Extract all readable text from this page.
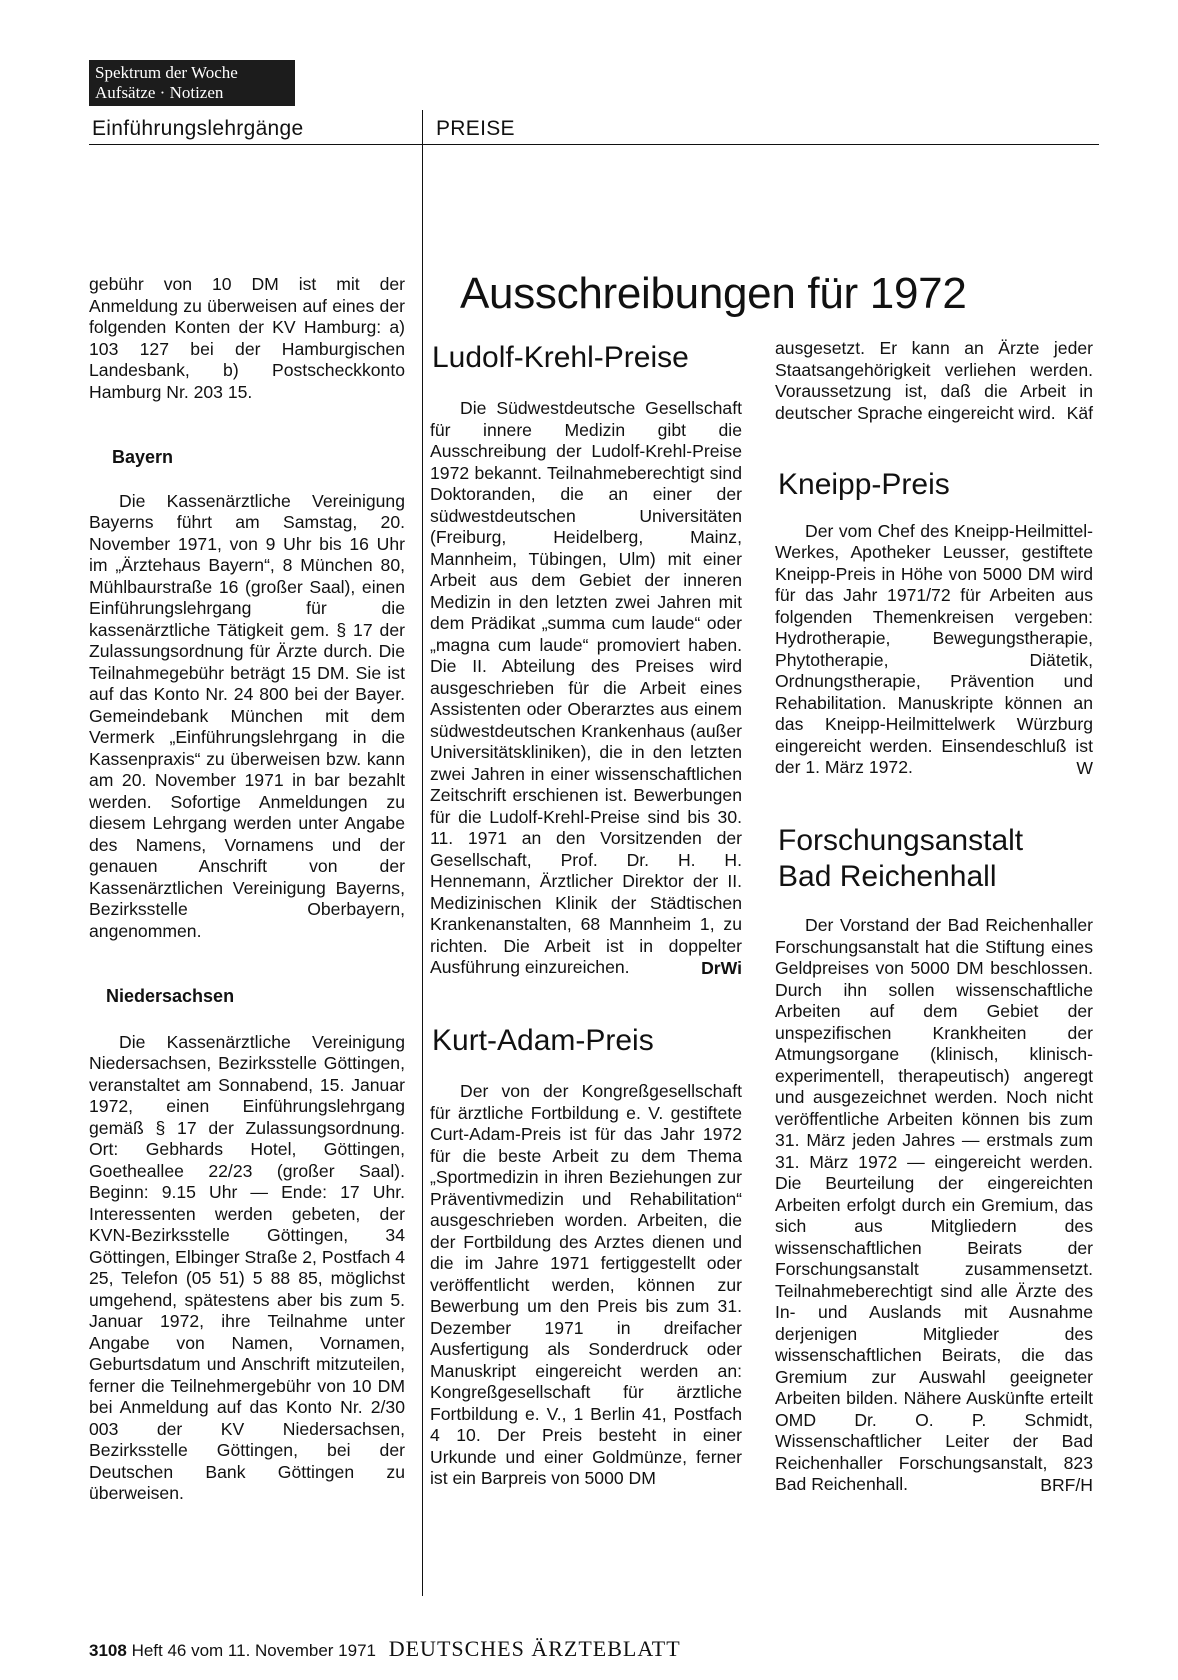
Spektrum der Woche
Aufsätze · Notizen
Einführungslehrgänge	PREISE
Ausschreibungen für 1972

gebühr von 10 DM ist mit der Anmeldung zu überweisen auf eines der folgenden Konten der KV Hamburg: a) 103 127 bei der Hamburgischen Landesbank, b) Postscheckkonto Hamburg Nr. 203 15.

Bayern

Die Kassenärztliche Vereinigung Bayerns führt am Samstag, 20. November 1971, von 9 Uhr bis 16 Uhr im „Ärztehaus Bayern“, 8 München 80, Mühlbaurstraße 16 (großer Saal), einen Einführungslehrgang für die kassenärztliche Tätigkeit gem. § 17 der Zulassungsordnung für Ärzte durch. Die Teilnahmegebühr beträgt 15 DM. Sie ist auf das Konto Nr. 24 800 bei der Bayer. Gemeindebank München mit dem Vermerk „Einführungslehrgang in die Kassenpraxis“ zu überweisen bzw. kann am 20. November 1971 in bar bezahlt werden. Sofortige Anmeldungen zu diesem Lehrgang werden unter Angabe des Namens, Vornamens und der genauen Anschrift von der Kassenärztlichen Vereinigung Bayerns, Bezirksstelle Oberbayern, angenommen.

Niedersachsen

Die Kassenärztliche Vereinigung Niedersachsen, Bezirksstelle Göttingen, veranstaltet am Sonnabend, 15. Januar 1972, einen Einführungslehrgang gemäß § 17 der Zulassungsordnung. Ort: Gebhards Hotel, Göttingen, Goetheallee 22/23 (großer Saal). Beginn: 9.15 Uhr — Ende: 17 Uhr. Interessenten werden gebeten, der KVN-Bezirksstelle Göttingen, 34 Göttingen, Elbinger Straße 2, Postfach 4 25, Telefon (05 51) 5 88 85, möglichst umgehend, spätestens aber bis zum 5. Januar 1972, ihre Teilnahme unter Angabe von Namen, Vornamen, Geburtsdatum und Anschrift mitzuteilen, ferner die Teilnehmergebühr von 10 DM bei Anmeldung auf das Konto Nr. 2/30 003 der KV Niedersachsen, Bezirksstelle Göttingen, bei der Deutschen Bank Göttingen zu überweisen.

Ludolf-Krehl-Preise

Die Südwestdeutsche Gesellschaft für innere Medizin gibt die Ausschreibung der Ludolf-Krehl-Preise 1972 bekannt. Teilnahmeberechtigt sind Doktoranden, die an einer der südwestdeutschen Universitäten (Freiburg, Heidelberg, Mainz, Mannheim, Tübingen, Ulm) mit einer Arbeit aus dem Gebiet der inneren Medizin in den letzten zwei Jahren mit dem Prädikat „summa cum laude“ oder „magna cum laude“ promoviert haben. Die II. Abteilung des Preises wird ausgeschrieben für die Arbeit eines Assistenten oder Oberarztes aus einem südwestdeutschen Krankenhaus (außer Universitätskliniken), die in den letzten zwei Jahren in einer wissenschaftlichen Zeitschrift erschienen ist. Bewerbungen für die Ludolf-Krehl-Preise sind bis 30. 11. 1971 an den Vorsitzenden der Gesellschaft, Prof. Dr. H. H. Hennemann, Ärztlicher Direktor der II. Medizinischen Klinik der Städtischen Krankenanstalten, 68 Mannheim 1, zu richten. Die Arbeit ist in doppelter Ausführung einzureichen.	DrWi

Kurt-Adam-Preis

Der von der Kongreßgesellschaft für ärztliche Fortbildung e. V. gestiftete Curt-Adam-Preis ist für das Jahr 1972 für die beste Arbeit zu dem Thema „Sportmedizin in ihren Beziehungen zur Präventivmedizin und Rehabilitation“ ausgeschrieben worden. Arbeiten, die der Fortbildung des Arztes dienen und die im Jahre 1971 fertiggestellt oder veröffentlicht werden, können zur Bewerbung um den Preis bis zum 31. Dezember 1971 in dreifacher Ausfertigung als Sonderdruck oder Manuskript eingereicht werden an: Kongreßgesellschaft für ärztliche Fortbildung e. V., 1 Berlin 41, Postfach 4 10. Der Preis besteht in einer Urkunde und einer Goldmünze, ferner ist ein Barpreis von 5000 DM

ausgesetzt. Er kann an Ärzte jeder Staatsangehörigkeit verliehen werden. Voraussetzung ist, daß die Arbeit in deutscher Sprache eingereicht wird. Käf

Kneipp-Preis

Der vom Chef des Kneipp-Heilmittel-Werkes, Apotheker Leusser, gestiftete Kneipp-Preis in Höhe von 5000 DM wird für das Jahr 1971/72 für Arbeiten aus folgenden Themenkreisen vergeben: Hydrotherapie, Bewegungstherapie, Phytotherapie, Diätetik, Ordnungstherapie, Prävention und Rehabilitation. Manuskripte können an das Kneipp-Heilmittelwerk Würzburg eingereicht werden. Einsendeschluß ist der 1. März 1972.	W

Forschungsanstalt
Bad Reichenhall

Der Vorstand der Bad Reichenhaller Forschungsanstalt hat die Stiftung eines Geldpreises von 5000 DM beschlossen. Durch ihn sollen wissenschaftliche Arbeiten auf dem Gebiet der unspezifischen Krankheiten der Atmungsorgane (klinisch, klinisch-experimentell, therapeutisch) angeregt und ausgezeichnet werden. Noch nicht veröffentliche Arbeiten können bis zum 31. März jeden Jahres — erstmals zum 31. März 1972 — eingereicht werden. Die Beurteilung der eingereichten Arbeiten erfolgt durch ein Gremium, das sich aus Mitgliedern des wissenschaftlichen Beirats der Forschungsanstalt zusammensetzt. Teilnahmeberechtigt sind alle Ärzte des In- und Auslands mit Ausnahme derjenigen Mitglieder des wissenschaftlichen Beirats, die das Gremium zur Auswahl geeigneter Arbeiten bilden. Nähere Auskünfte erteilt OMD Dr. O. P. Schmidt, Wissenschaftlicher Leiter der Bad Reichenhaller Forschungsanstalt, 823 Bad Reichenhall.	BRF/H

3108 Heft 46 vom 11. November 1971 DEUTSCHES ÄRZTEBLATT
